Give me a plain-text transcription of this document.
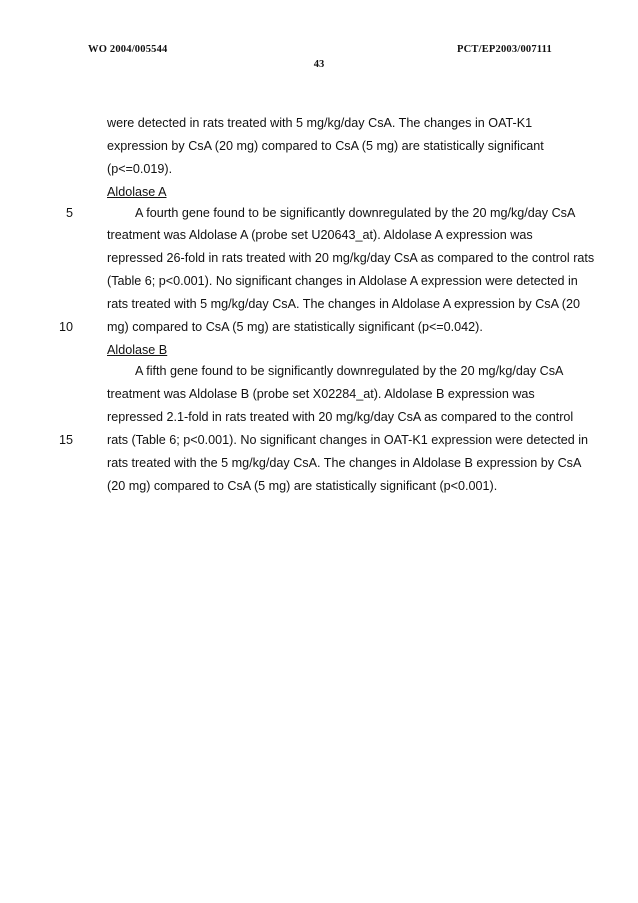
WO 2004/005544	PCT/EP2003/007111
43
were detected in rats treated with 5 mg/kg/day CsA. The changes in OAT-K1
expression by CsA (20 mg) compared to CsA (5 mg) are statistically significant
(p<=0.019).
Aldolase A
5	A fourth gene found to be significantly downregulated by the 20 mg/kg/day CsA
treatment was Aldolase A (probe set U20643_at). Aldolase A expression was
repressed 26-fold in rats treated with 20 mg/kg/day CsA as compared to the control rats
(Table 6; p<0.001). No significant changes in Aldolase A expression were detected in
rats treated with 5 mg/kg/day CsA. The changes in Aldolase A expression by CsA (20
10	mg) compared to CsA (5 mg) are statistically significant (p<=0.042).
Aldolase B
A fifth gene found to be significantly downregulated by the 20 mg/kg/day CsA
treatment was Aldolase B (probe set X02284_at). Aldolase B expression was
repressed 2.1-fold in rats treated with 20 mg/kg/day CsA as compared to the control
15	rats (Table 6; p<0.001). No significant changes in OAT-K1 expression were detected in
rats treated with the 5 mg/kg/day CsA. The changes in Aldolase B expression by CsA
(20 mg) compared to CsA (5 mg) are statistically significant (p<0.001).
